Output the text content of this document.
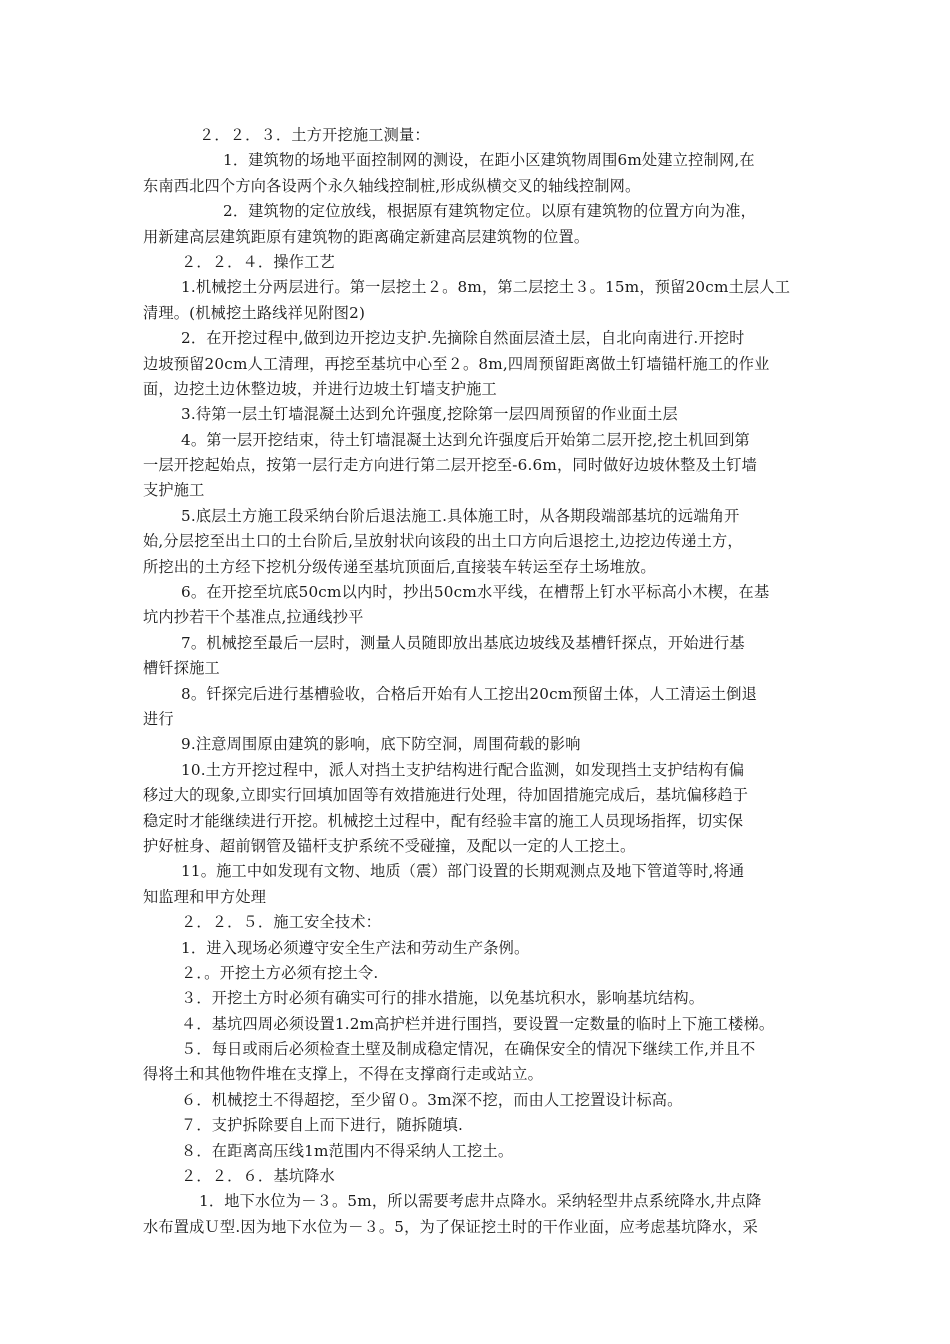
２．２．３．土方开挖施工测量：
1．建筑物的场地平面控制网的测设，在距小区建筑物周围6m处建立控制网,在
东南西北四个方向各设两个永久轴线控制桩,形成纵横交叉的轴线控制网。
2．建筑物的定位放线，根据原有建筑物定位。以原有建筑物的位置方向为准，
用新建高层建筑距原有建筑物的距离确定新建高层建筑物的位置。
２．２．４．操作工艺
1.机械挖土分两层进行。第一层挖土２。8m，第二层挖土３。15m，预留20cm土层人工
清理。(机械挖土路线祥见附图2)
2．在开挖过程中,做到边开挖边支护.先摘除自然面层渣土层，自北向南进行.开挖时
边坡预留20cm人工清理，再挖至基坑中心至２。8m,四周预留距离做土钉墙锚杆施工的作业
面，边挖土边休整边坡，并进行边坡土钉墙支护施工
3.待第一层土钉墙混凝土达到允许强度,挖除第一层四周预留的作业面土层
4。第一层开挖结束，待土钉墙混凝土达到允许强度后开始第二层开挖,挖土机回到第
一层开挖起始点，按第一层行走方向进行第二层开挖至-6.6m，同时做好边坡休整及土钉墙
支护施工
5.底层土方施工段采纳台阶后退法施工.具体施工时，从各期段端部基坑的远端角开
始,分层挖至出土口的土台阶后,呈放射状向该段的出土口方向后退挖土,边挖边传递土方，
所挖出的土方经下挖机分级传递至基坑顶面后,直接装车转运至存土场堆放。
6。在开挖至坑底50cm以内时，抄出50cm水平线，在槽帮上钉水平标高小木楔，在基
坑内抄若干个基准点,拉通线抄平
7。机械挖至最后一层时，测量人员随即放出基底边坡线及基槽钎探点，开始进行基
槽钎探施工
8。钎探完后进行基槽验收，合格后开始有人工挖出20cm预留土体，人工清运土倒退
进行
9.注意周围原由建筑的影响，底下防空洞，周围荷载的影响
10.土方开挖过程中，派人对挡土支护结构进行配合监测，如发现挡土支护结构有偏
移过大的现象,立即实行回填加固等有效措施进行处理，待加固措施完成后，基坑偏移趋于
稳定时才能继续进行开挖。机械挖土过程中，配有经验丰富的施工人员现场指挥，切实保
护好桩身、超前钢管及锚杆支护系统不受碰撞，及配以一定的人工挖土。
11。施工中如发现有文物、地质（震）部门设置的长期观测点及地下管道等时,将通
知监理和甲方处理
２．２．５．施工安全技术：
1．进入现场必须遵守安全生产法和劳动生产条例。
２．。开挖土方必须有挖土令.
３．开挖土方时必须有确实可行的排水措施，以免基坑积水，影响基坑结构。
４．基坑四周必须设置1.2m高护栏并进行围挡，要设置一定数量的临时上下施工楼梯。
５．每日或雨后必须检查土壁及制成稳定情况，在确保安全的情况下继续工作,并且不
得将土和其他物件堆在支撑上，不得在支撑商行走或站立。
６．机械挖土不得超挖，至少留０。3m深不挖，而由人工挖置设计标高。
７．支护拆除要自上而下进行，随拆随填.
８．在距离高压线1m范围内不得采纳人工挖土。
２．２．６．基坑降水
1．地下水位为－３。5m，所以需要考虑井点降水。采纳轻型井点系统降水,井点降
水布置成Ｕ型.因为地下水位为－３。5，为了保证挖土时的干作业面，应考虑基坑降水，采
